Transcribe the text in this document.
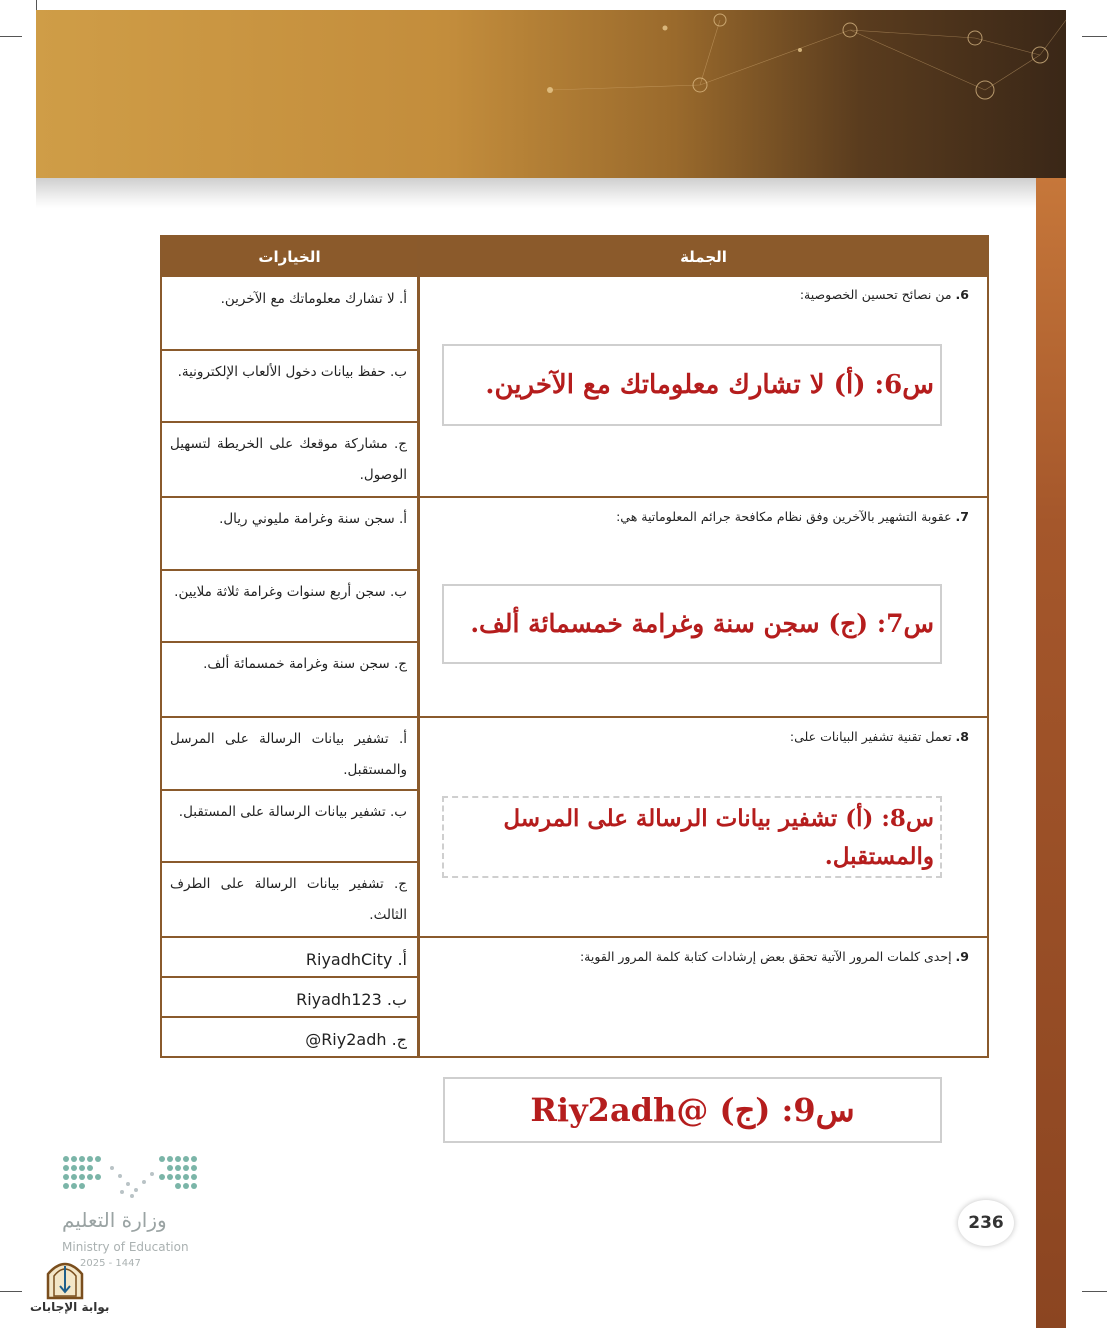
الخيارات	الجملة
6. من نصائح تحسين الخصوصية:
أ. لا تشارك معلوماتك مع الآخرين.
ب. حفظ بيانات دخول الألعاب الإلكترونية.
ج. مشاركة موقعك على الخريطة لتسهيل الوصول.
7. عقوبة التشهير بالآخرين وفق نظام مكافحة جرائم المعلوماتية هي:
أ. سجن سنة وغرامة مليوني ريال.
ب. سجن أربع سنوات وغرامة ثلاثة ملايين.
ج. سجن سنة وغرامة خمسمائة ألف.
8. تعمل تقنية تشفير البيانات على:
أ. تشفير بيانات الرسالة على المرسل والمستقبل.
ب. تشفير بيانات الرسالة على المستقبل.
ج. تشفير بيانات الرسالة على الطرف الثالث.
9. إحدى كلمات المرور الآتية تحقق بعض إرشادات كتابة كلمة المرور القوية:
أ. RiyadhCity
ب. Riyadh123
ج. Riy2adh@
س6: (أ) لا تشارك معلوماتك مع الآخرين.
س7: (ج) سجن سنة وغرامة خمسمائة ألف.
س8: (أ) تشفير بيانات الرسالة على المرسل والمستقبل.
س9: (ج) @Riy2adh
وزارة التعليم
Ministry of Education
2025 - 1447
236
بوابة الإجابات
